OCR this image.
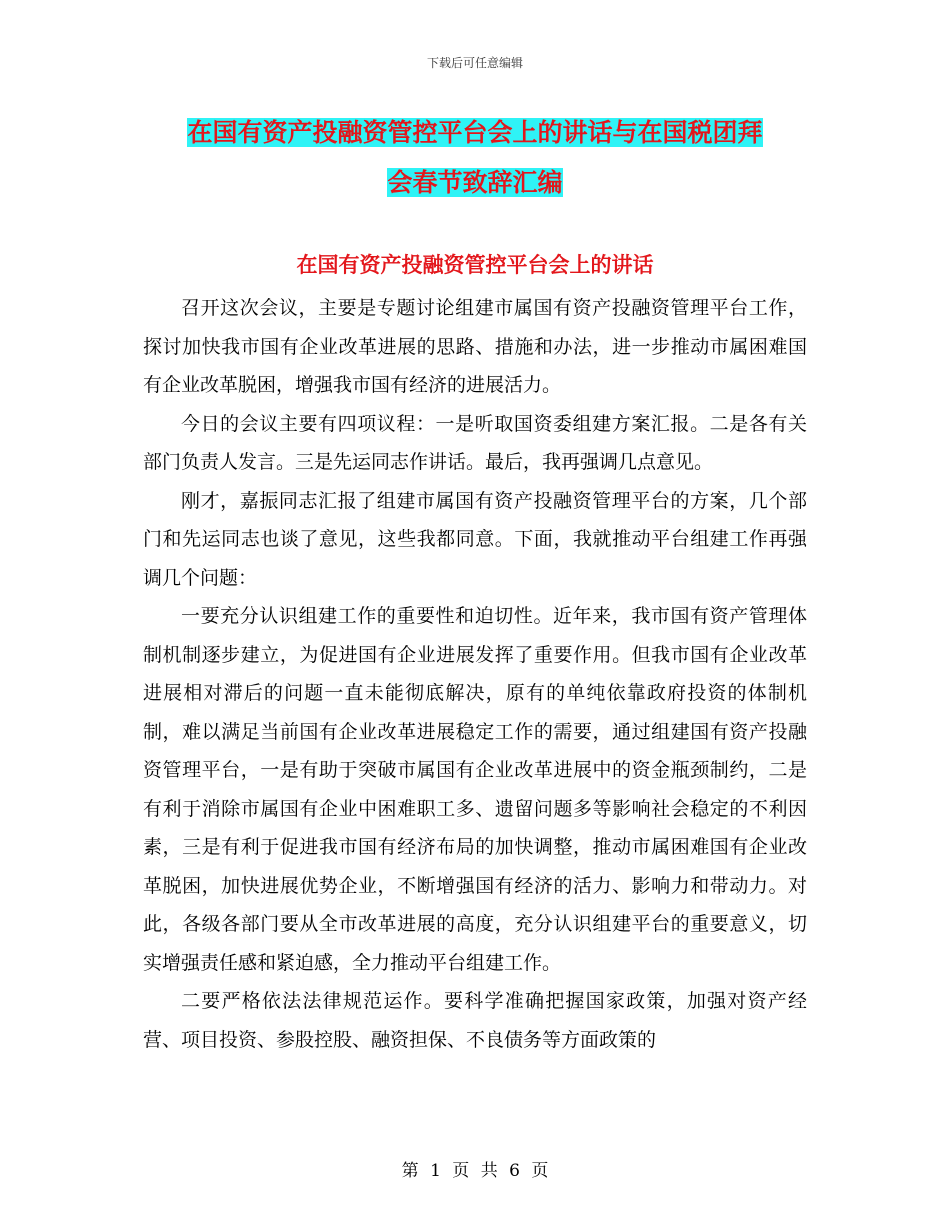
下载后可任意编辑
在国有资产投融资管控平台会上的讲话与在国税团拜
会春节致辞汇编
在国有资产投融资管控平台会上的讲话

召开这次会议，主要是专题讨论组建市属国有资产投融资管理平台工作，探讨加快我市国有企业改革进展的思路、措施和办法，进一步推动市属困难国有企业改革脱困，增强我市国有经济的进展活力。

今日的会议主要有四项议程：一是听取国资委组建方案汇报。二是各有关部门负责人发言。三是先运同志作讲话。最后，我再强调几点意见。

刚才，嘉振同志汇报了组建市属国有资产投融资管理平台的方案，几个部门和先运同志也谈了意见，这些我都同意。下面，我就推动平台组建工作再强调几个问题：

一要充分认识组建工作的重要性和迫切性。近年来，我市国有资产管理体制机制逐步建立，为促进国有企业进展发挥了重要作用。但我市国有企业改革进展相对滞后的问题一直未能彻底解决，原有的单纯依靠政府投资的体制机制，难以满足当前国有企业改革进展稳定工作的需要，通过组建国有资产投融资管理平台，一是有助于突破市属国有企业改革进展中的资金瓶颈制约，二是有利于消除市属国有企业中困难职工多、遗留问题多等影响社会稳定的不利因素，三是有利于促进我市国有经济布局的加快调整，推动市属困难国有企业改革脱困，加快进展优势企业，不断增强国有经济的活力、影响力和带动力。对此，各级各部门要从全市改革进展的高度，充分认识组建平台的重要意义，切实增强责任感和紧迫感，全力推动平台组建工作。

二要严格依法法律规范运作。要科学准确把握国家政策，加强对资产经营、项目投资、参股控股、融资担保、不良债务等方面政策的

第 1 页 共 6 页
